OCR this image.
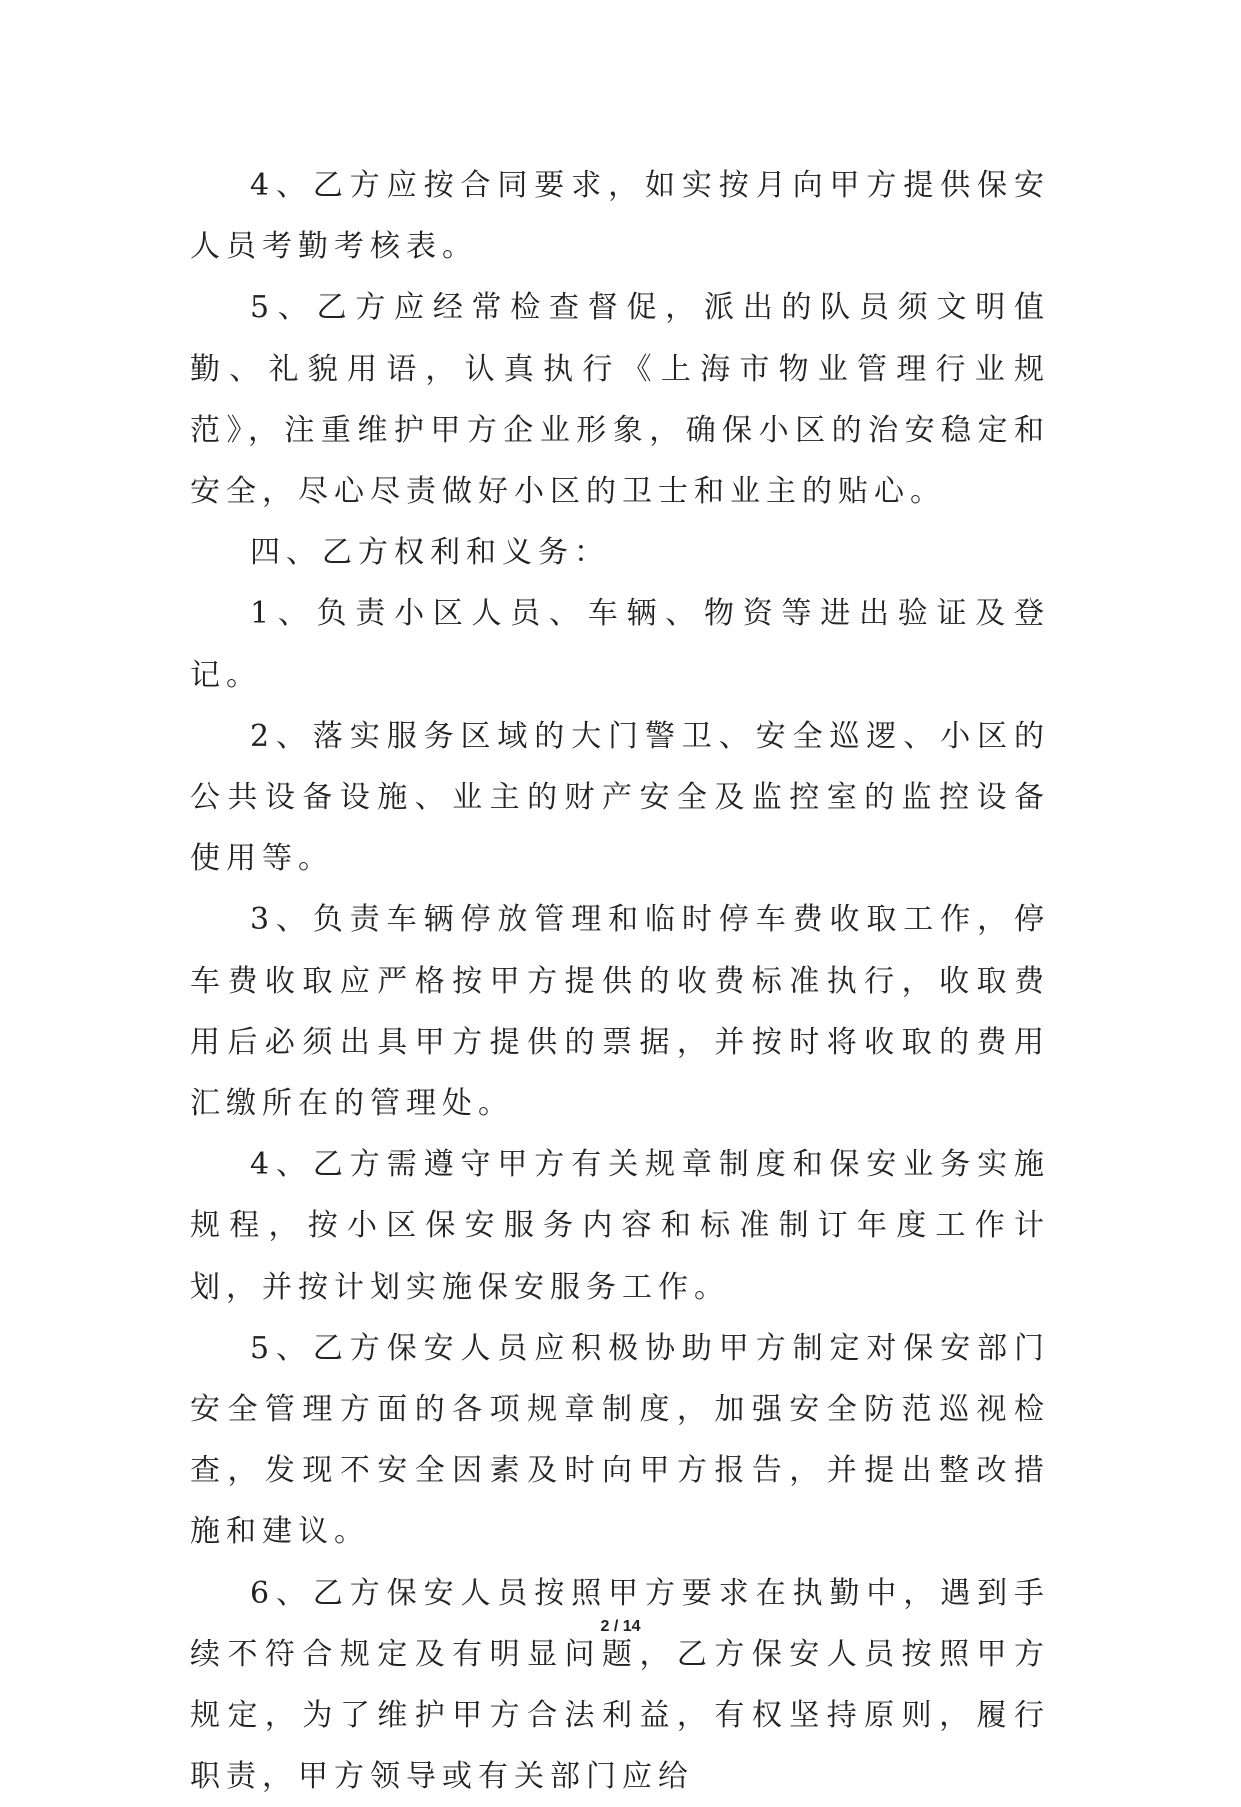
4、乙方应按合同要求，如实按月向甲方提供保安人员考勤考核表。

5、乙方应经常检查督促，派出的队员须文明值勤、礼貌用语，认真执行《上海市物业管理行业规范》，注重维护甲方企业形象，确保小区的治安稳定和安全，尽心尽责做好小区的卫士和业主的贴心。

四、乙方权利和义务：

1、负责小区人员、车辆、物资等进出验证及登记。

2、落实服务区域的大门警卫、安全巡逻、小区的公共设备设施、业主的财产安全及监控室的监控设备使用等。

3、负责车辆停放管理和临时停车费收取工作，停车费收取应严格按甲方提供的收费标准执行，收取费用后必须出具甲方提供的票据，并按时将收取的费用汇缴所在的管理处。

4、乙方需遵守甲方有关规章制度和保安业务实施规程，按小区保安服务内容和标准制订年度工作计划，并按计划实施保安服务工作。

5、乙方保安人员应积极协助甲方制定对保安部门安全管理方面的各项规章制度，加强安全防范巡视检查，发现不安全因素及时向甲方报告，并提出整改措施和建议。

6、乙方保安人员按照甲方要求在执勤中，遇到手续不符合规定及有明显问题，乙方保安人员按照甲方规定，为了维护甲方合法利益，有权坚持原则，履行职责，甲方领导或有关部门应给

2 / 14
